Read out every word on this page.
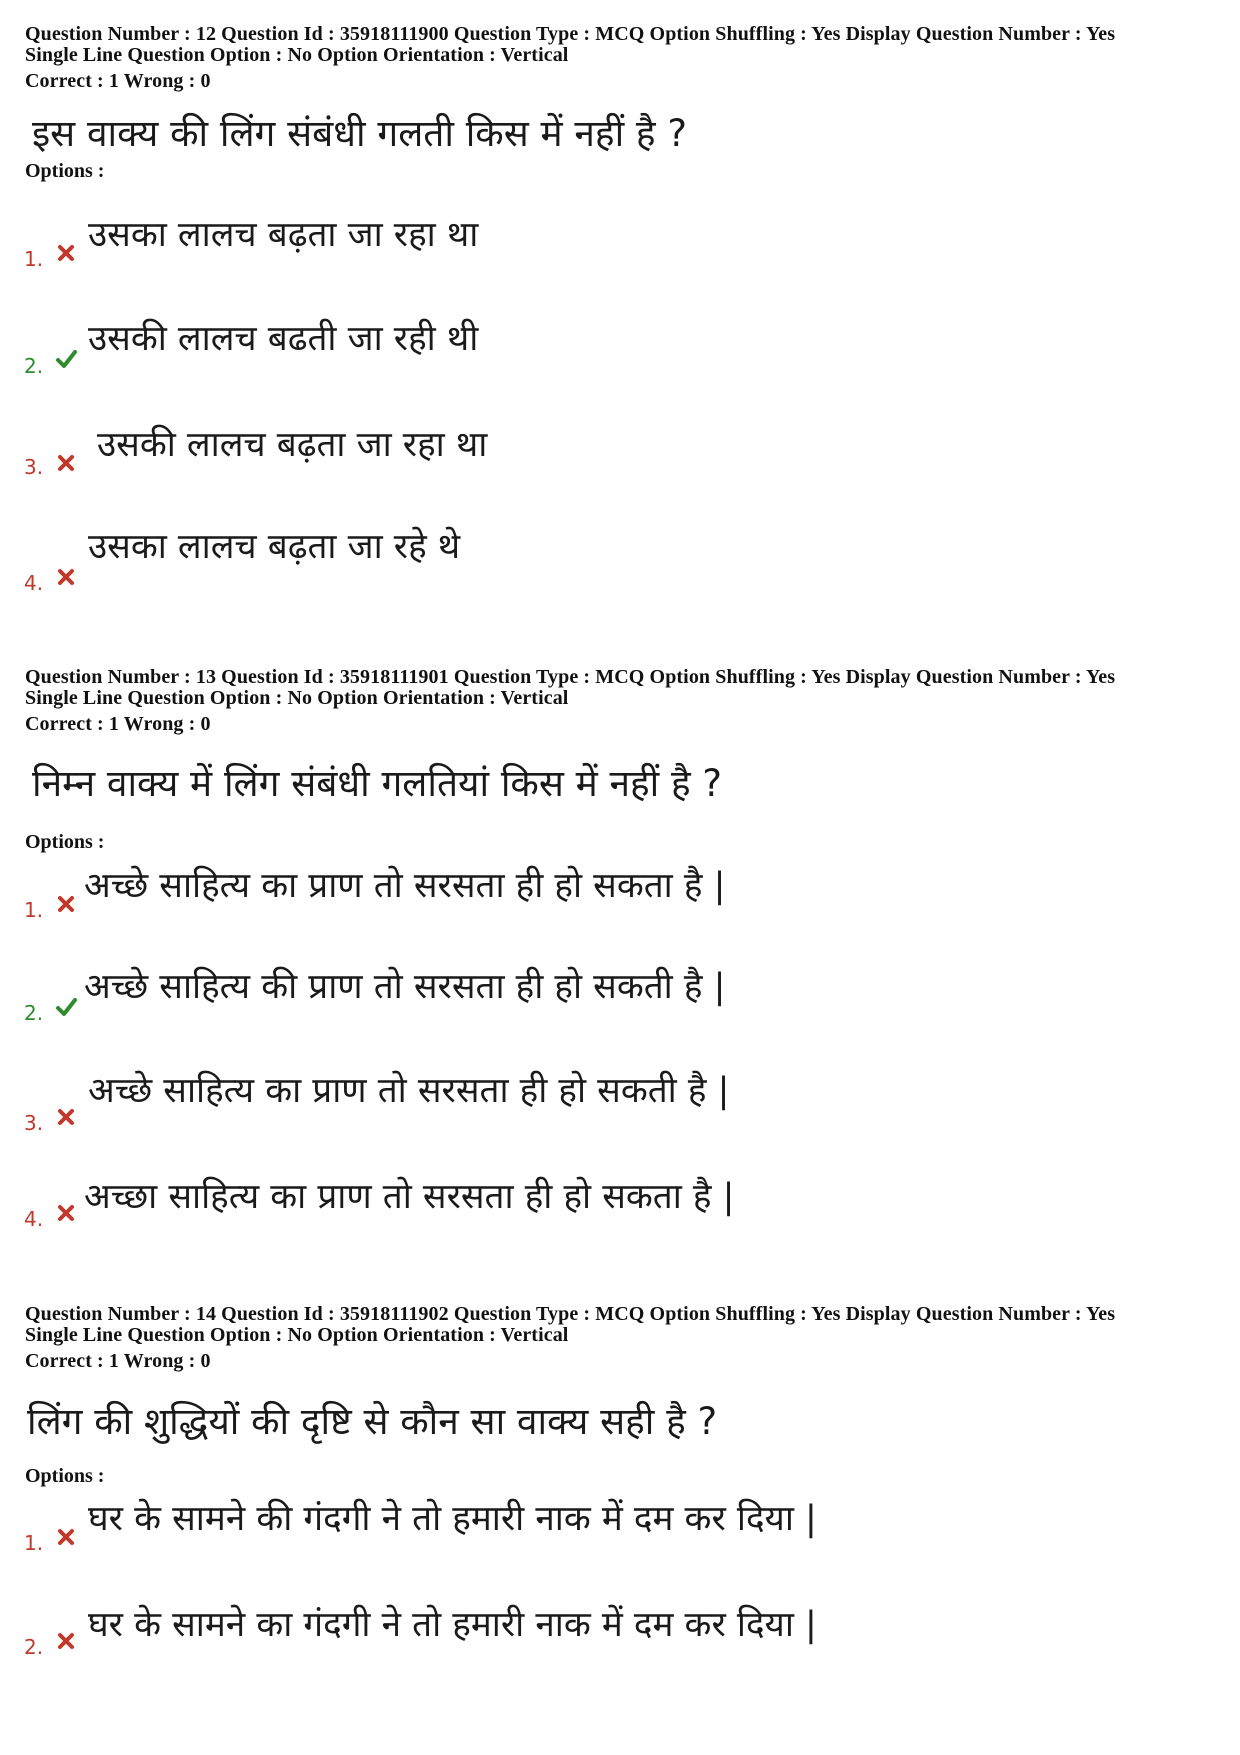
Question Number : 12 Question Id : 35918111900 Question Type : MCQ Option Shuffling : Yes Display Question Number : Yes
Single Line Question Option : No Option Orientation : Vertical
Correct : 1 Wrong : 0
इस वाक्य की लिंग संबंधी गलती किस में नहीं है ?
Options :
1.
उसका लालच बढ़ता जा रहा था
2.
उसकी लालच बढती जा रही थी
3.
उसकी लालच बढ़ता जा रहा था
4.
उसका लालच बढ़ता जा रहे थे
Question Number : 13 Question Id : 35918111901 Question Type : MCQ Option Shuffling : Yes Display Question Number : Yes
Single Line Question Option : No Option Orientation : Vertical
Correct : 1 Wrong : 0
निम्न वाक्य में लिंग संबंधी गलतियां किस में नहीं है ?
Options :
1.
अच्छे साहित्य का प्राण तो सरसता ही हो सकता है |
2.
अच्छे साहित्य की प्राण तो सरसता ही हो सकती है |
3.
अच्छे साहित्य का प्राण तो सरसता ही हो सकती है |
4.
अच्छा साहित्य का प्राण तो सरसता ही हो सकता है |
Question Number : 14 Question Id : 35918111902 Question Type : MCQ Option Shuffling : Yes Display Question Number : Yes
Single Line Question Option : No Option Orientation : Vertical
Correct : 1 Wrong : 0
लिंग की शुद्धियों की दृष्टि से कौन सा वाक्य सही है ?
Options :
1.
घर के सामने की गंदगी ने तो हमारी नाक में दम कर दिया |
2.
घर के सामने का गंदगी ने तो हमारी नाक में दम कर दिया |
